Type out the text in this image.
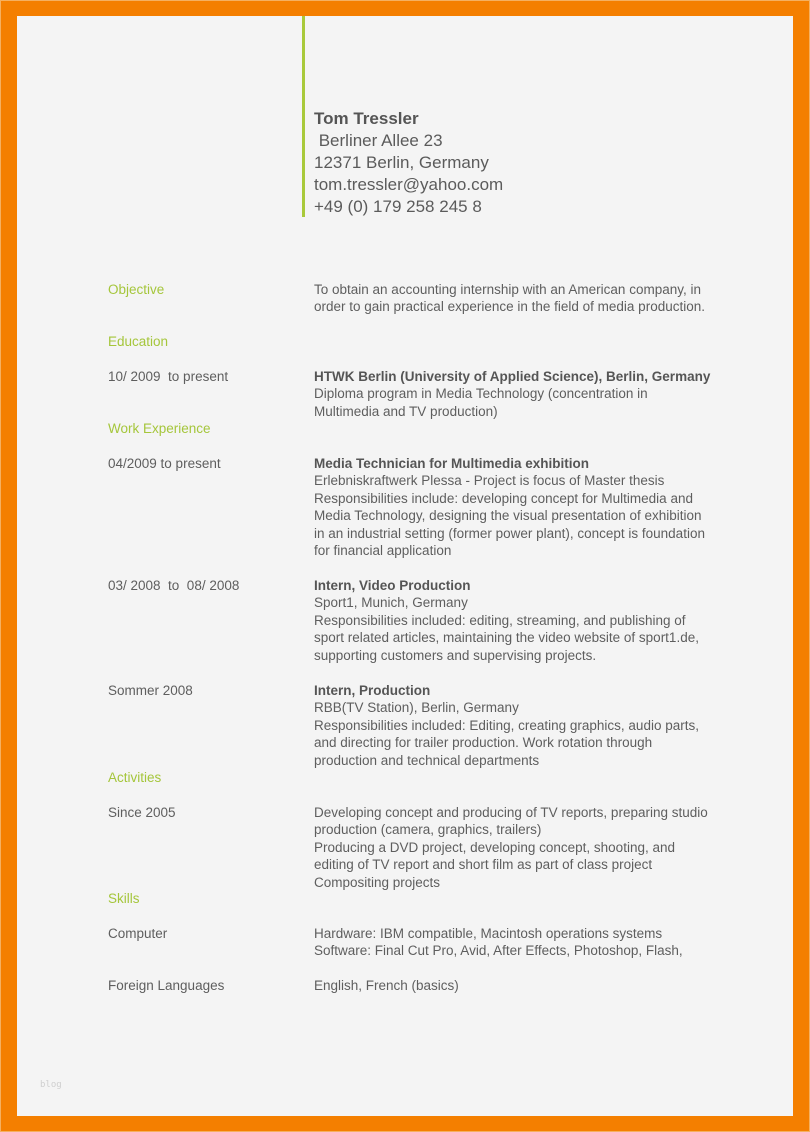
Tom Tressler
Berliner Allee 23
12371 Berlin, Germany
tom.tressler@yahoo.com
+49 (0) 179 258 245 8
Objective	To obtain an accounting internship with an American company, in
order to gain practical experience in the field of media production.
Education
10/ 2009  to present	HTWK Berlin (University of Applied Science), Berlin, Germany
Diploma program in Media Technology (concentration in
Multimedia and TV production)
Work Experience
04/2009 to present	Media Technician for Multimedia exhibition
Erlebniskraftwerk Plessa - Project is focus of Master thesis
Responsibilities include: developing concept for Multimedia and
Media Technology, designing the visual presentation of exhibition
in an industrial setting (former power plant), concept is foundation
for financial application
03/ 2008  to  08/ 2008	Intern, Video Production
Sport1, Munich, Germany
Responsibilities included: editing, streaming, and publishing of
sport related articles, maintaining the video website of sport1.de,
supporting customers and supervising projects.
Sommer 2008	Intern, Production
RBB(TV Station), Berlin, Germany
Responsibilities included: Editing, creating graphics, audio parts,
and directing for trailer production. Work rotation through
production and technical departments
Activities
Since 2005	Developing concept and producing of TV reports, preparing studio
production (camera, graphics, trailers)
Producing a DVD project, developing concept, shooting, and
editing of TV report and short film as part of class project
Compositing projects
Skills
Computer	Hardware: IBM compatible, Macintosh operations systems
Software: Final Cut Pro, Avid, After Effects, Photoshop, Flash,
Foreign Languages	English, French (basics)
blog
